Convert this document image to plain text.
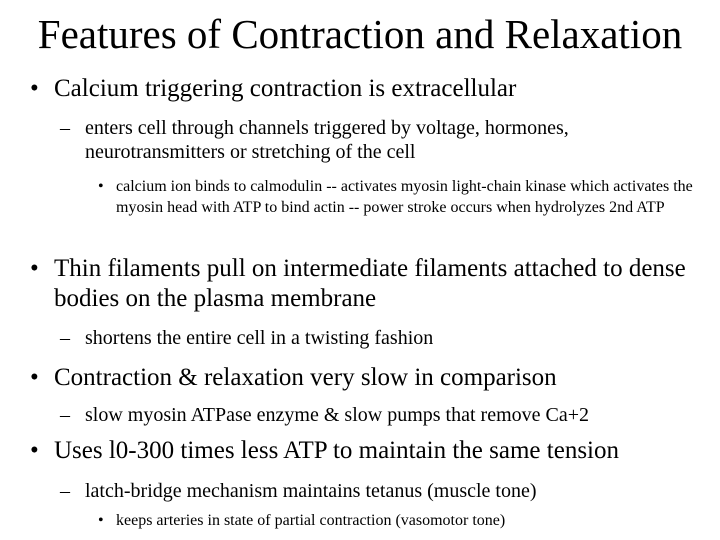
Features of Contraction and Relaxation
• Calcium triggering contraction is extracellular
– enters cell through channels triggered by voltage, hormones, neurotransmitters or stretching of the cell
• calcium ion binds to calmodulin -- activates myosin light-chain kinase which activates the myosin head with ATP to bind actin -- power stroke occurs when hydrolyzes 2nd ATP
• Thin filaments pull on intermediate filaments attached to dense bodies on the plasma membrane
– shortens the entire cell in a twisting fashion
• Contraction & relaxation very slow in comparison
– slow myosin ATPase enzyme & slow pumps that remove Ca+2
• Uses l0-300 times less ATP to maintain the same tension
– latch-bridge mechanism maintains tetanus (muscle tone)
• keeps arteries in state of partial contraction (vasomotor tone)
